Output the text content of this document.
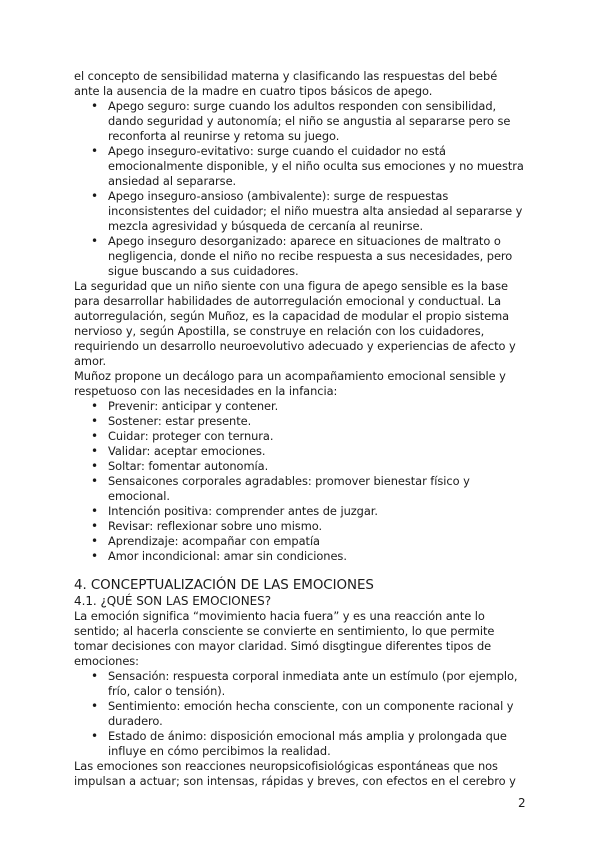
el concepto de sensibilidad materna y clasificando las respuestas del bebé ante la ausencia de la madre en cuatro tipos básicos de apego.

• Apego seguro: surge cuando los adultos responden con sensibilidad, dando seguridad y autonomía; el niño se angustia al separarse pero se reconforta al reunirse y retoma su juego.
• Apego inseguro-evitativo: surge cuando el cuidador no está emocionalmente disponible, y el niño oculta sus emociones y no muestra ansiedad al separarse.
• Apego inseguro-ansioso (ambivalente): surge de respuestas inconsistentes del cuidador; el niño muestra alta ansiedad al separarse y mezcla agresividad y búsqueda de cercanía al reunirse.
• Apego inseguro desorganizado: aparece en situaciones de maltrato o negligencia, donde el niño no recibe respuesta a sus necesidades, pero sigue buscando a sus cuidadores.

La seguridad que un niño siente con una figura de apego sensible es la base para desarrollar habilidades de autorregulación emocional y conductual. La autorregulación, según Muñoz, es la capacidad de modular el propio sistema nervioso y, según Apostilla, se construye en relación con los cuidadores, requiriendo un desarrollo neuroevolutivo adecuado y experiencias de afecto y amor.

Muñoz propone un decálogo para un acompañamiento emocional sensible y respetuoso con las necesidades en la infancia:

• Prevenir: anticipar y contener.
• Sostener: estar presente.
• Cuidar: proteger con ternura.
• Validar: aceptar emociones.
• Soltar: fomentar autonomía.
• Sensaicones corporales agradables: promover bienestar físico y emocional.
• Intención positiva: comprender antes de juzgar.
• Revisar: reflexionar sobre uno mismo.
• Aprendizaje: acompañar con empatía
• Amor incondicional: amar sin condiciones.
4. CONCEPTUALIZACIÓN DE LAS EMOCIONES
4.1. ¿QUÉ SON LAS EMOCIONES?

La emoción significa “movimiento hacia fuera” y es una reacción ante lo sentido; al hacerla consciente se convierte en sentimiento, lo que permite tomar decisiones con mayor claridad. Simó disgtingue diferentes tipos de emociones:

• Sensación: respuesta corporal inmediata ante un estímulo (por ejemplo, frío, calor o tensión).
• Sentimiento: emoción hecha consciente, con un componente racional y duradero.
• Estado de ánimo: disposición emocional más amplia y prolongada que influye en cómo percibimos la realidad.

Las emociones son reacciones neuropsicofisiológicas espontáneas que nos impulsan a actuar; son intensas, rápidas y breves, con efectos en el cerebro y

2
